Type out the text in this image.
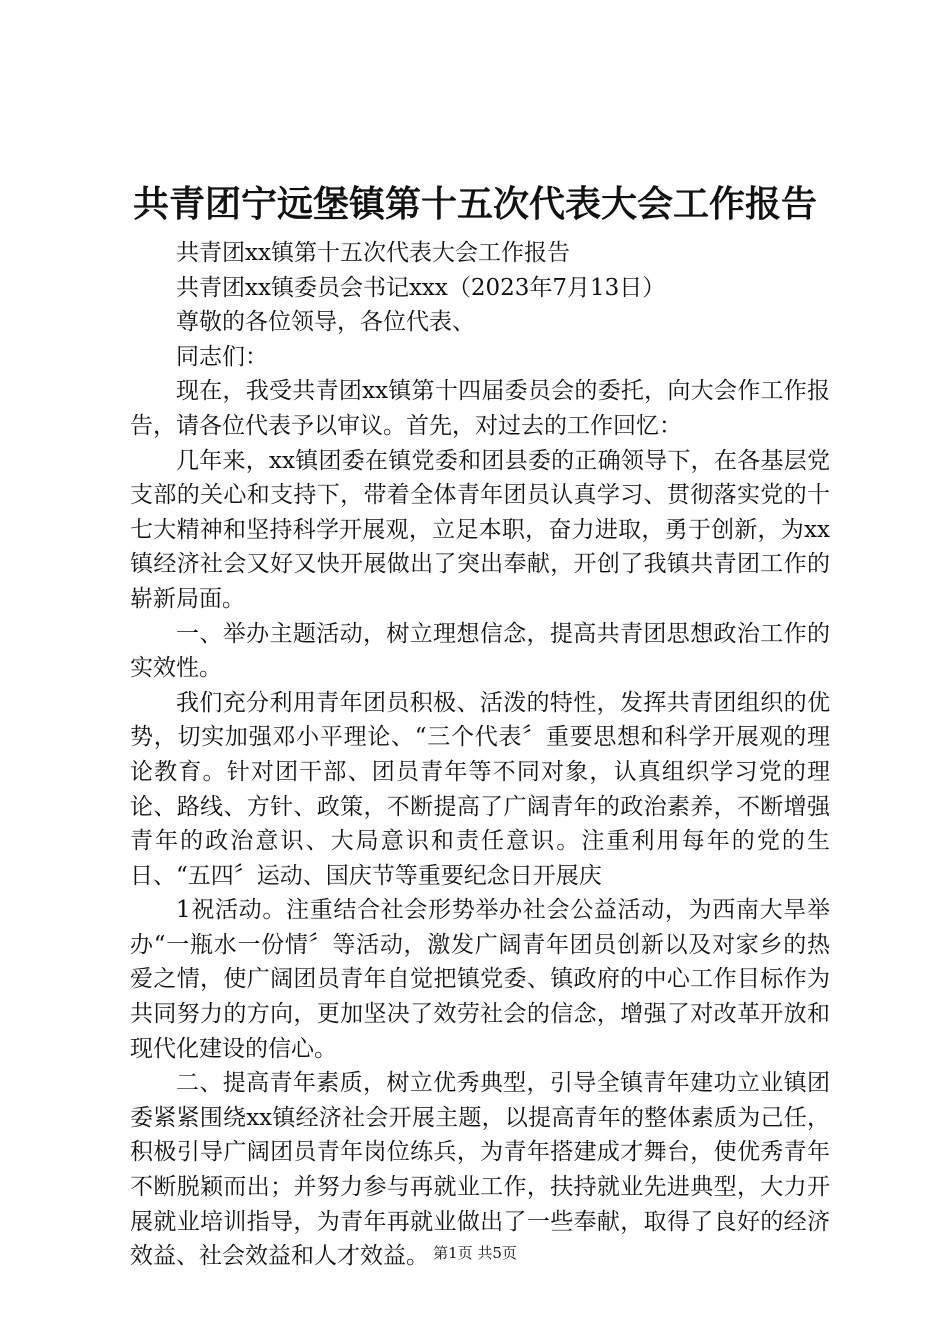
共青团宁远堡镇第十五次代表大会工作报告

共青团xx镇第十五次代表大会工作报告

共青团xx镇委员会书记xxx（2023年7月13日）

尊敬的各位领导，各位代表、

同志们：

现在，我受共青团xx镇第十四届委员会的委托，向大会作工作报告，请各位代表予以审议。首先，对过去的工作回忆：

几年来，xx镇团委在镇党委和团县委的正确领导下，在各基层党支部的关心和支持下，带着全体青年团员认真学习、贯彻落实党的十七大精神和坚持科学开展观，立足本职，奋力进取，勇于创新，为xx镇经济社会又好又快开展做出了突出奉献，开创了我镇共青团工作的崭新局面。

一、举办主题活动，树立理想信念，提高共青团思想政治工作的实效性。

我们充分利用青年团员积极、活泼的特性，发挥共青团组织的优势，切实加强邓小平理论、“三个代表〞重要思想和科学开展观的理论教育。针对团干部、团员青年等不同对象，认真组织学习党的理论、路线、方针、政策，不断提高了广阔青年的政治素养，不断增强青年的政治意识、大局意识和责任意识。注重利用每年的党的生日、“五四〞运动、国庆节等重要纪念日开展庆

1祝活动。注重结合社会形势举办社会公益活动，为西南大旱举办“一瓶水一份情〞等活动，激发广阔青年团员创新以及对家乡的热爱之情，使广阔团员青年自觉把镇党委、镇政府的中心工作目标作为共同努力的方向，更加坚决了效劳社会的信念，增强了对改革开放和现代化建设的信心。

二、提高青年素质，树立优秀典型，引导全镇青年建功立业镇团委紧紧围绕xx镇经济社会开展主题，以提高青年的整体素质为己任，积极引导广阔团员青年岗位练兵，为青年搭建成才舞台，使优秀青年不断脱颖而出；并努力参与再就业工作，扶持就业先进典型，大力开展就业培训指导，为青年再就业做出了一些奉献，取得了良好的经济效益、社会效益和人才效益。 第1页 共5页
